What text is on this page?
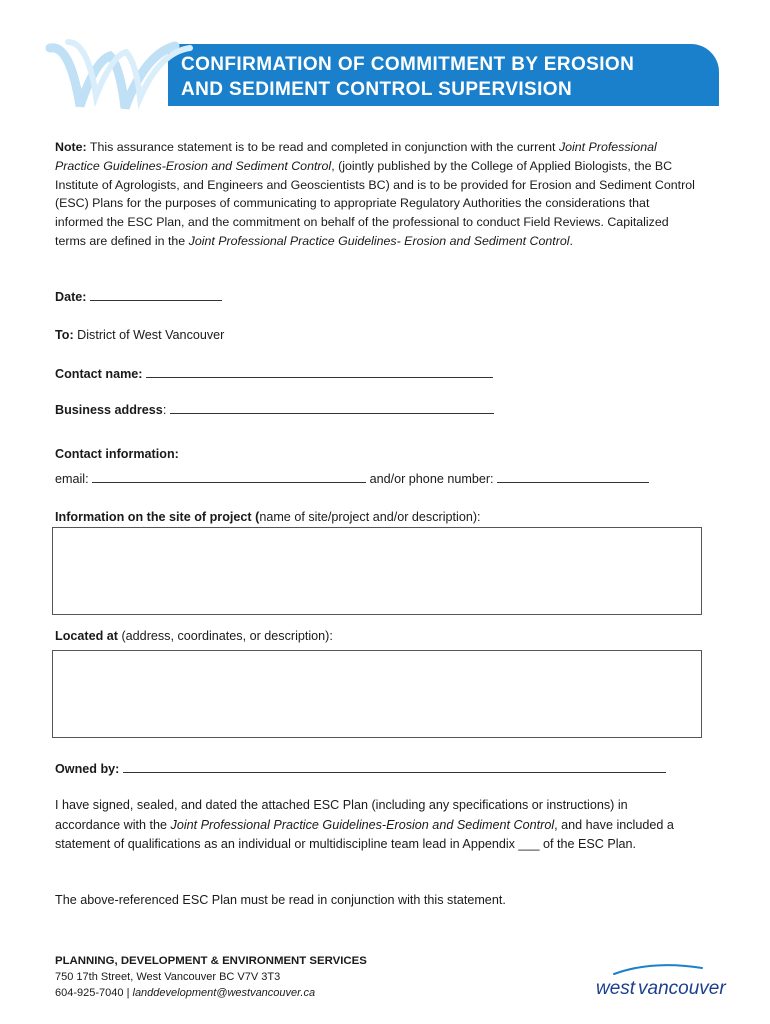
CONFIRMATION OF COMMITMENT BY EROSION
AND SEDIMENT CONTROL SUPERVISION
Note: This assurance statement is to be read and completed in conjunction with the current Joint Professional Practice Guidelines-Erosion and Sediment Control, (jointly published by the College of Applied Biologists, the BC Institute of Agrologists, and Engineers and Geoscientists BC) and is to be provided for Erosion and Sediment Control (ESC) Plans for the purposes of communicating to appropriate Regulatory Authorities the considerations that informed the ESC Plan, and the commitment on behalf of the professional to conduct Field Reviews. Capitalized terms are defined in the Joint Professional Practice Guidelines- Erosion and Sediment Control.
Date:
To: District of West Vancouver
Contact name:
Business address:
Contact information:
email:	and/or phone number:
Information on the site of project (name of site/project and/or description):
Located at (address, coordinates, or description):
Owned by:
I have signed, sealed, and dated the attached ESC Plan (including any specifications or instructions) in accordance with the Joint Professional Practice Guidelines-Erosion and Sediment Control, and have included a statement of qualifications as an individual or multidiscipline team lead in Appendix ___ of the ESC Plan.
The above-referenced ESC Plan must be read in conjunction with this statement.
PLANNING, DEVELOPMENT & ENVIRONMENT SERVICES
750 17th Street, West Vancouver BC V7V 3T3
604-925-7040 | landdevelopment@westvancouver.ca	west vancouver
